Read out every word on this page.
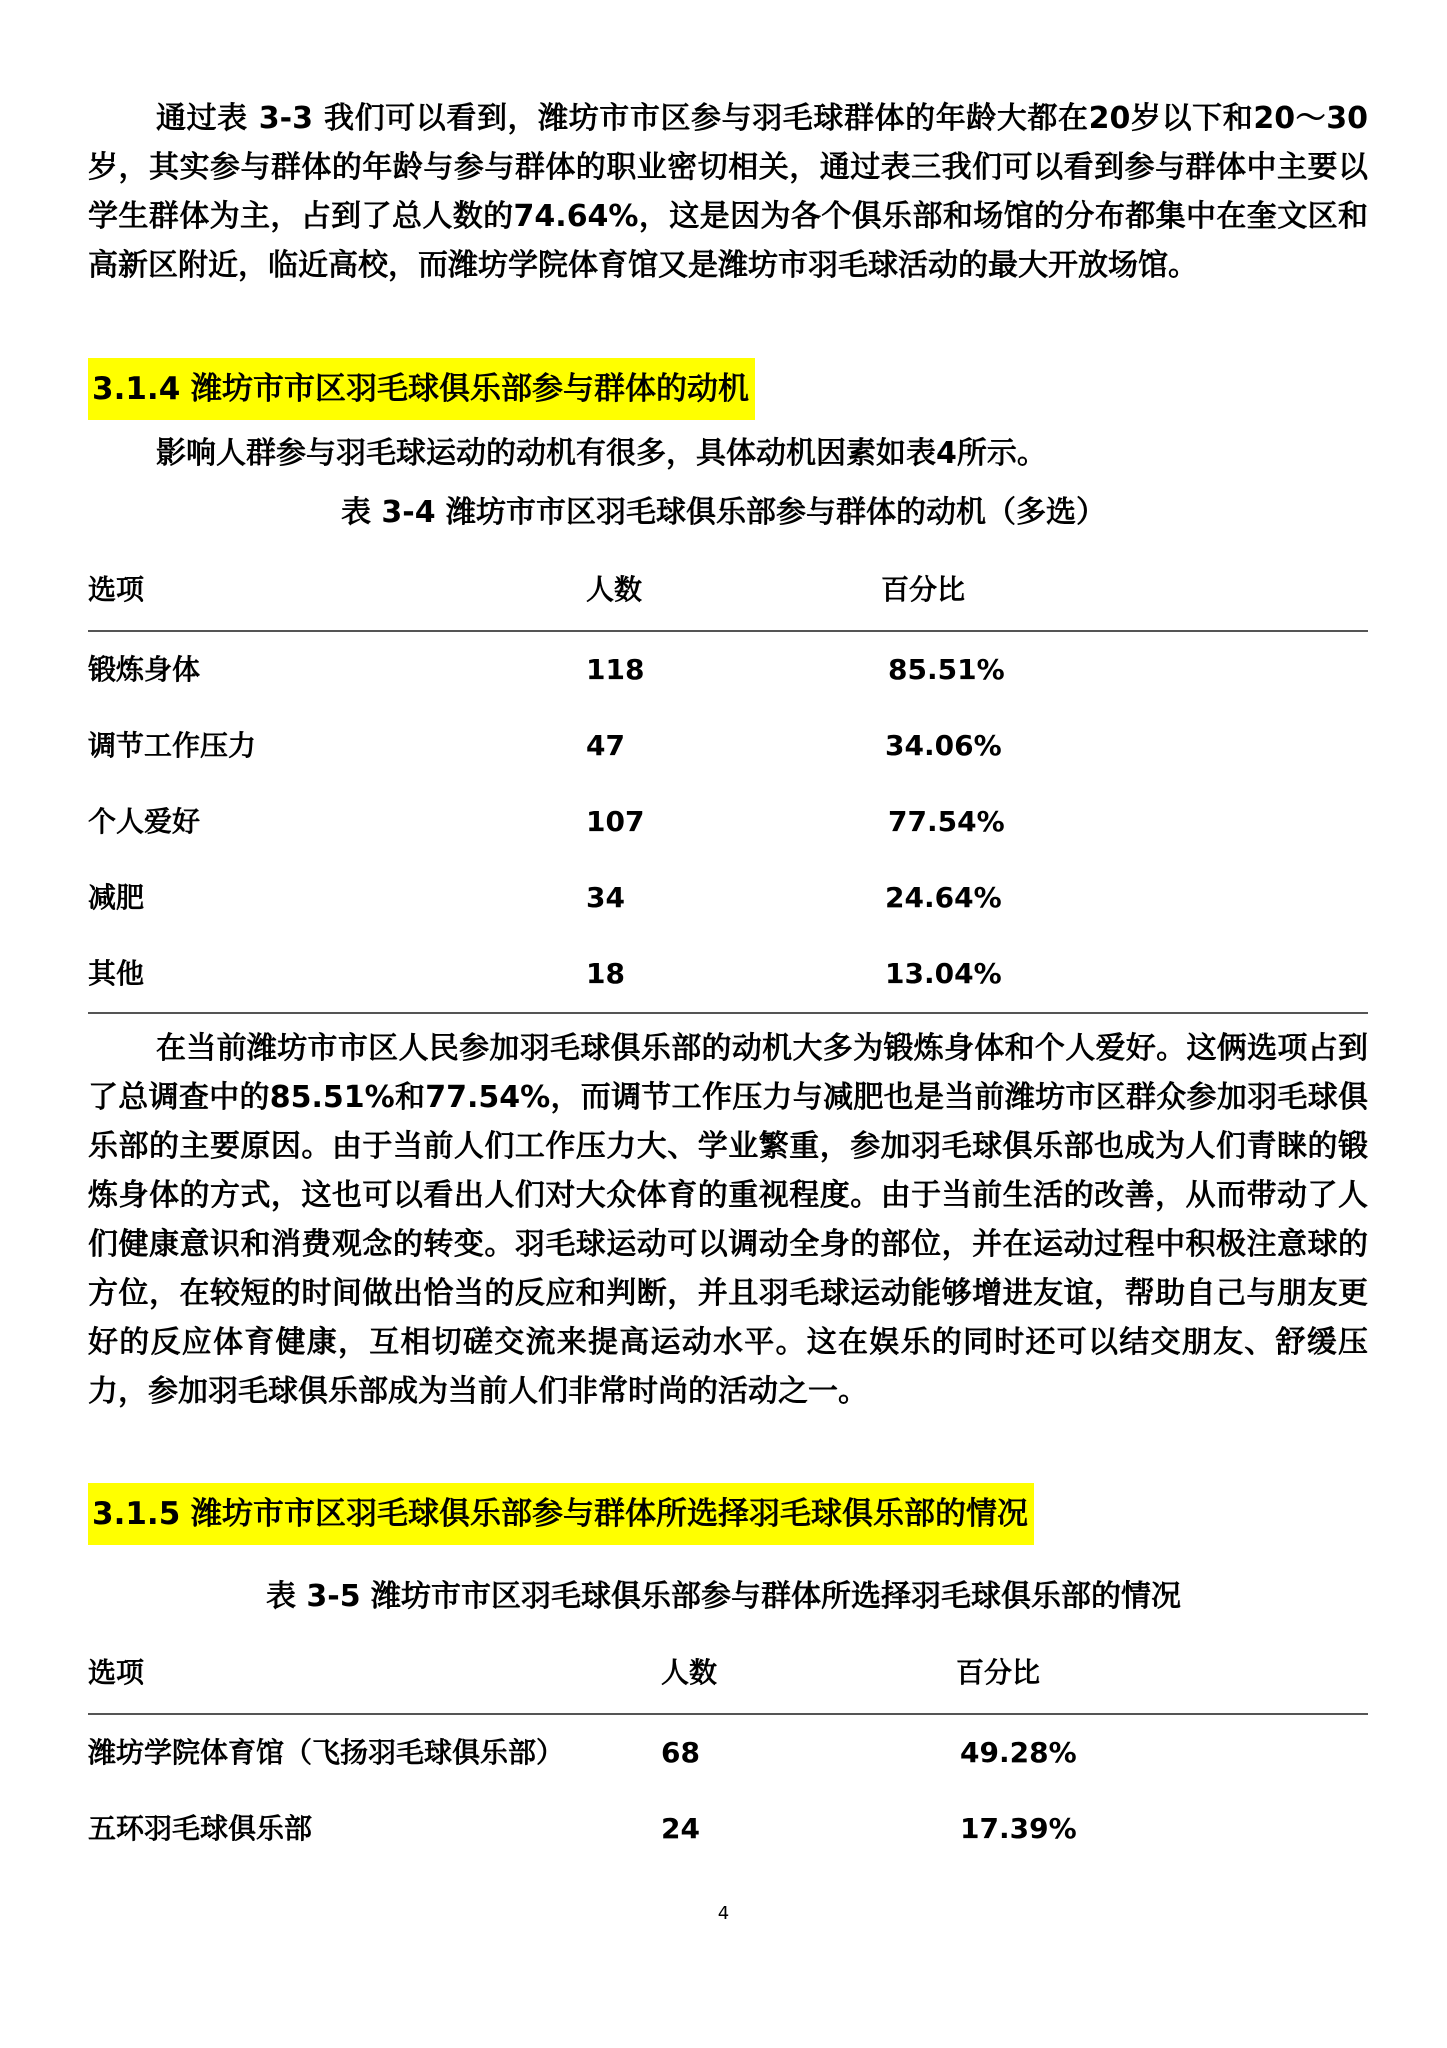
通过表 3-3 我们可以看到，潍坊市市区参与羽毛球群体的年龄大都在20岁以下和20～30岁，其实参与群体的年龄与参与群体的职业密切相关，通过表三我们可以看到参与群体中主要以学生群体为主，占到了总人数的74.64%，这是因为各个俱乐部和场馆的分布都集中在奎文区和高新区附近，临近高校，而潍坊学院体育馆又是潍坊市羽毛球活动的最大开放场馆。

3.1.4 潍坊市市区羽毛球俱乐部参与群体的动机

影响人群参与羽毛球运动的动机有很多，具体动机因素如表4所示。

表 3-4 潍坊市市区羽毛球俱乐部参与群体的动机（多选）

选项	人数	百分比
锻炼身体	118	85.51%
调节工作压力	47	34.06%
个人爱好	107	77.54%
减肥	34	24.64%
其他	18	13.04%

在当前潍坊市市区人民参加羽毛球俱乐部的动机大多为锻炼身体和个人爱好。这俩选项占到了总调查中的85.51%和77.54%，而调节工作压力与减肥也是当前潍坊市区群众参加羽毛球俱乐部的主要原因。由于当前人们工作压力大、学业繁重，参加羽毛球俱乐部也成为人们青睐的锻炼身体的方式，这也可以看出人们对大众体育的重视程度。由于当前生活的改善，从而带动了人们健康意识和消费观念的转变。羽毛球运动可以调动全身的部位，并在运动过程中积极注意球的方位，在较短的时间做出恰当的反应和判断，并且羽毛球运动能够增进友谊，帮助自己与朋友更好的反应体育健康，互相切磋交流来提高运动水平。这在娱乐的同时还可以结交朋友、舒缓压力，参加羽毛球俱乐部成为当前人们非常时尚的活动之一。

3.1.5 潍坊市市区羽毛球俱乐部参与群体所选择羽毛球俱乐部的情况

表 3-5 潍坊市市区羽毛球俱乐部参与群体所选择羽毛球俱乐部的情况

选项	人数	百分比
潍坊学院体育馆（飞扬羽毛球俱乐部）	68	49.28%
五环羽毛球俱乐部	24	17.39%
4
